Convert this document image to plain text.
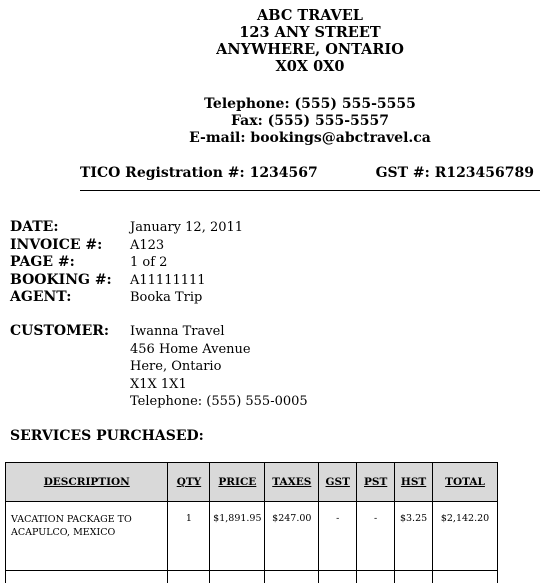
ABC TRAVEL
123 ANY STREET
ANYWHERE, ONTARIO
X0X 0X0
Telephone: (555) 555-5555
Fax: (555) 555-5557
E-mail: bookings@abctravel.ca
TICO Registration #: 1234567	GST #: R123456789
DATE:	January 12, 2011
INVOICE #:	A123
PAGE #:	1 of 2
BOOKING #:	A11111111
AGENT:	Booka Trip
CUSTOMER:	Iwanna Travel
456 Home Avenue
Here, Ontario
X1X 1X1
Telephone: (555) 555-0005
SERVICES PURCHASED:
DESCRIPTION	QTY	PRICE	TAXES	GST	PST	HST	TOTAL
VACATION PACKAGE TO ACAPULCO, MEXICO	1	$1,891.95	$247.00	-	-	$3.25	$2,142.20
